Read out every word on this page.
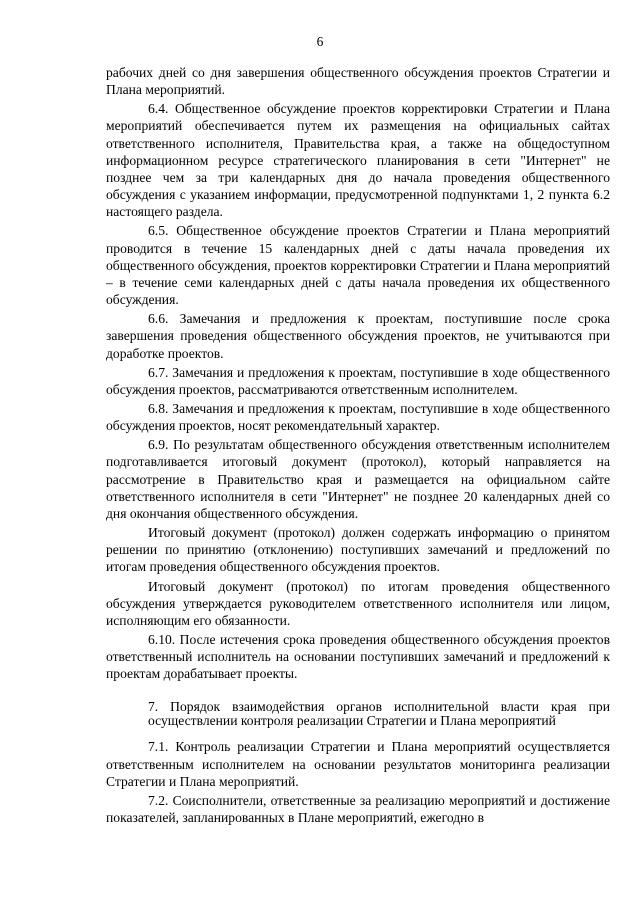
6

рабочих дней со дня завершения общественного обсуждения проектов Стратегии и Плана мероприятий.

6.4. Общественное обсуждение проектов корректировки Стратегии и Плана мероприятий обеспечивается путем их размещения на официальных сайтах ответственного исполнителя, Правительства края, а также на общедоступном информационном ресурсе стратегического планирования в сети "Интернет" не позднее чем за три календарных дня до начала проведения общественного обсуждения с указанием информации, предусмотренной подпунктами 1, 2 пункта 6.2 настоящего раздела.

6.5. Общественное обсуждение проектов Стратегии и Плана мероприятий проводится в течение 15 календарных дней с даты начала проведения их общественного обсуждения, проектов корректировки Стратегии и Плана мероприятий – в течение семи календарных дней с даты начала проведения их общественного обсуждения.

6.6. Замечания и предложения к проектам, поступившие после срока завершения проведения общественного обсуждения проектов, не учитываются при доработке проектов.

6.7. Замечания и предложения к проектам, поступившие в ходе общественного обсуждения проектов, рассматриваются ответственным исполнителем.

6.8. Замечания и предложения к проектам, поступившие в ходе общественного обсуждения проектов, носят рекомендательный характер.

6.9. По результатам общественного обсуждения ответственным исполнителем подготавливается итоговый документ (протокол), который направляется на рассмотрение в Правительство края и размещается на официальном сайте ответственного исполнителя в сети "Интернет" не позднее 20 календарных дней со дня окончания общественного обсуждения.

Итоговый документ (протокол) должен содержать информацию о принятом решении по принятию (отклонению) поступивших замечаний и предложений по итогам проведения общественного обсуждения проектов.

Итоговый документ (протокол) по итогам проведения общественного обсуждения утверждается руководителем ответственного исполнителя или лицом, исполняющим его обязанности.

6.10. После истечения срока проведения общественного обсуждения проектов ответственный исполнитель на основании поступивших замечаний и предложений к проектам дорабатывает проекты.

7. Порядок взаимодействия органов исполнительной власти края при осуществлении контроля реализации Стратегии и Плана мероприятий

7.1. Контроль реализации Стратегии и Плана мероприятий осуществляется ответственным исполнителем на основании результатов мониторинга реализации Стратегии и Плана мероприятий.

7.2. Соисполнители, ответственные за реализацию мероприятий и достижение показателей, запланированных в Плане мероприятий, ежегодно в
